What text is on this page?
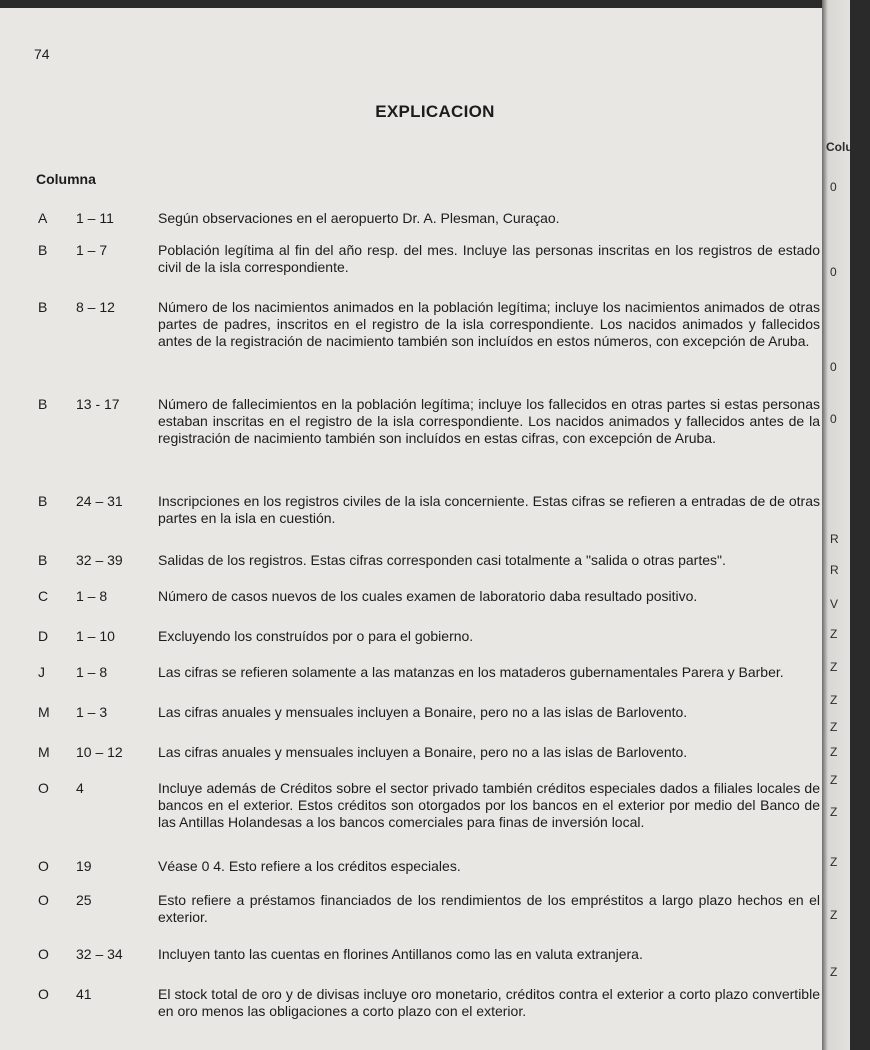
74
EXPLICACION
Columna
A 1 – 11	Según observaciones en el aeropuerto Dr. A. Plesman, Curaçao.
B 1 – 7	Población legítima al fin del año resp. del mes. Incluye las personas inscritas en los registros de estado civil de la isla correspondiente.
B 8 – 12	Número de los nacimientos animados en la población legítima; incluye los nacimientos animados de otras partes de padres, inscritos en el registro de la isla correspondiente. Los nacidos animados y fallecidos antes de la registración de nacimiento también son incluídos en estos números, con excepción de Aruba.
B 13 - 17	Número de fallecimientos en la población legítima; incluye los fallecidos en otras partes si estas personas estaban inscritas en el registro de la isla correspondiente. Los nacidos animados y fallecidos antes de la registración de nacimiento también son incluídos en estas cifras, con excepción de Aruba.
B 24 – 31	Inscripciones en los registros civiles de la isla concerniente. Estas cifras se refieren a entradas de de otras partes en la isla en cuestión.
B 32 – 39	Salidas de los registros. Estas cifras corresponden casi totalmente a "salida o otras partes".
C 1 – 8	Número de casos nuevos de los cuales examen de laboratorio daba resultado positivo.
D 1 – 10	Excluyendo los construídos por o para el gobierno.
J 1 – 8	Las cifras se refieren solamente a las matanzas en los mataderos gubernamentales Parera y Barber.
M 1 – 3	Las cifras anuales y mensuales incluyen a Bonaire, pero no a las islas de Barlovento.
M 10 – 12	Las cifras anuales y mensuales incluyen a Bonaire, pero no a las islas de Barlovento.
O 4	Incluye además de Créditos sobre el sector privado también créditos especiales dados a filiales locales de bancos en el exterior. Estos créditos son otorgados por los bancos en el exterior por medio del Banco de las Antillas Holandesas a los bancos comerciales para finas de inversión local.
O 19	Véase 0 4. Esto refiere a los créditos especiales.
O 25	Esto refiere a préstamos financiados de los rendimientos de los empréstitos a largo plazo hechos en el exterior.
O 32 – 34	Incluyen tanto las cuentas en florines Antillanos como las en valuta extranjera.
O 41	El stock total de oro y de divisas incluye oro monetario, créditos contra el exterior a corto plazo convertible en oro menos las obligaciones a corto plazo con el exterior.
Colun
0
0
0
0
R
R
V
Z
Z
Z
Z
Z
Z
Z
Z
Z
Z
